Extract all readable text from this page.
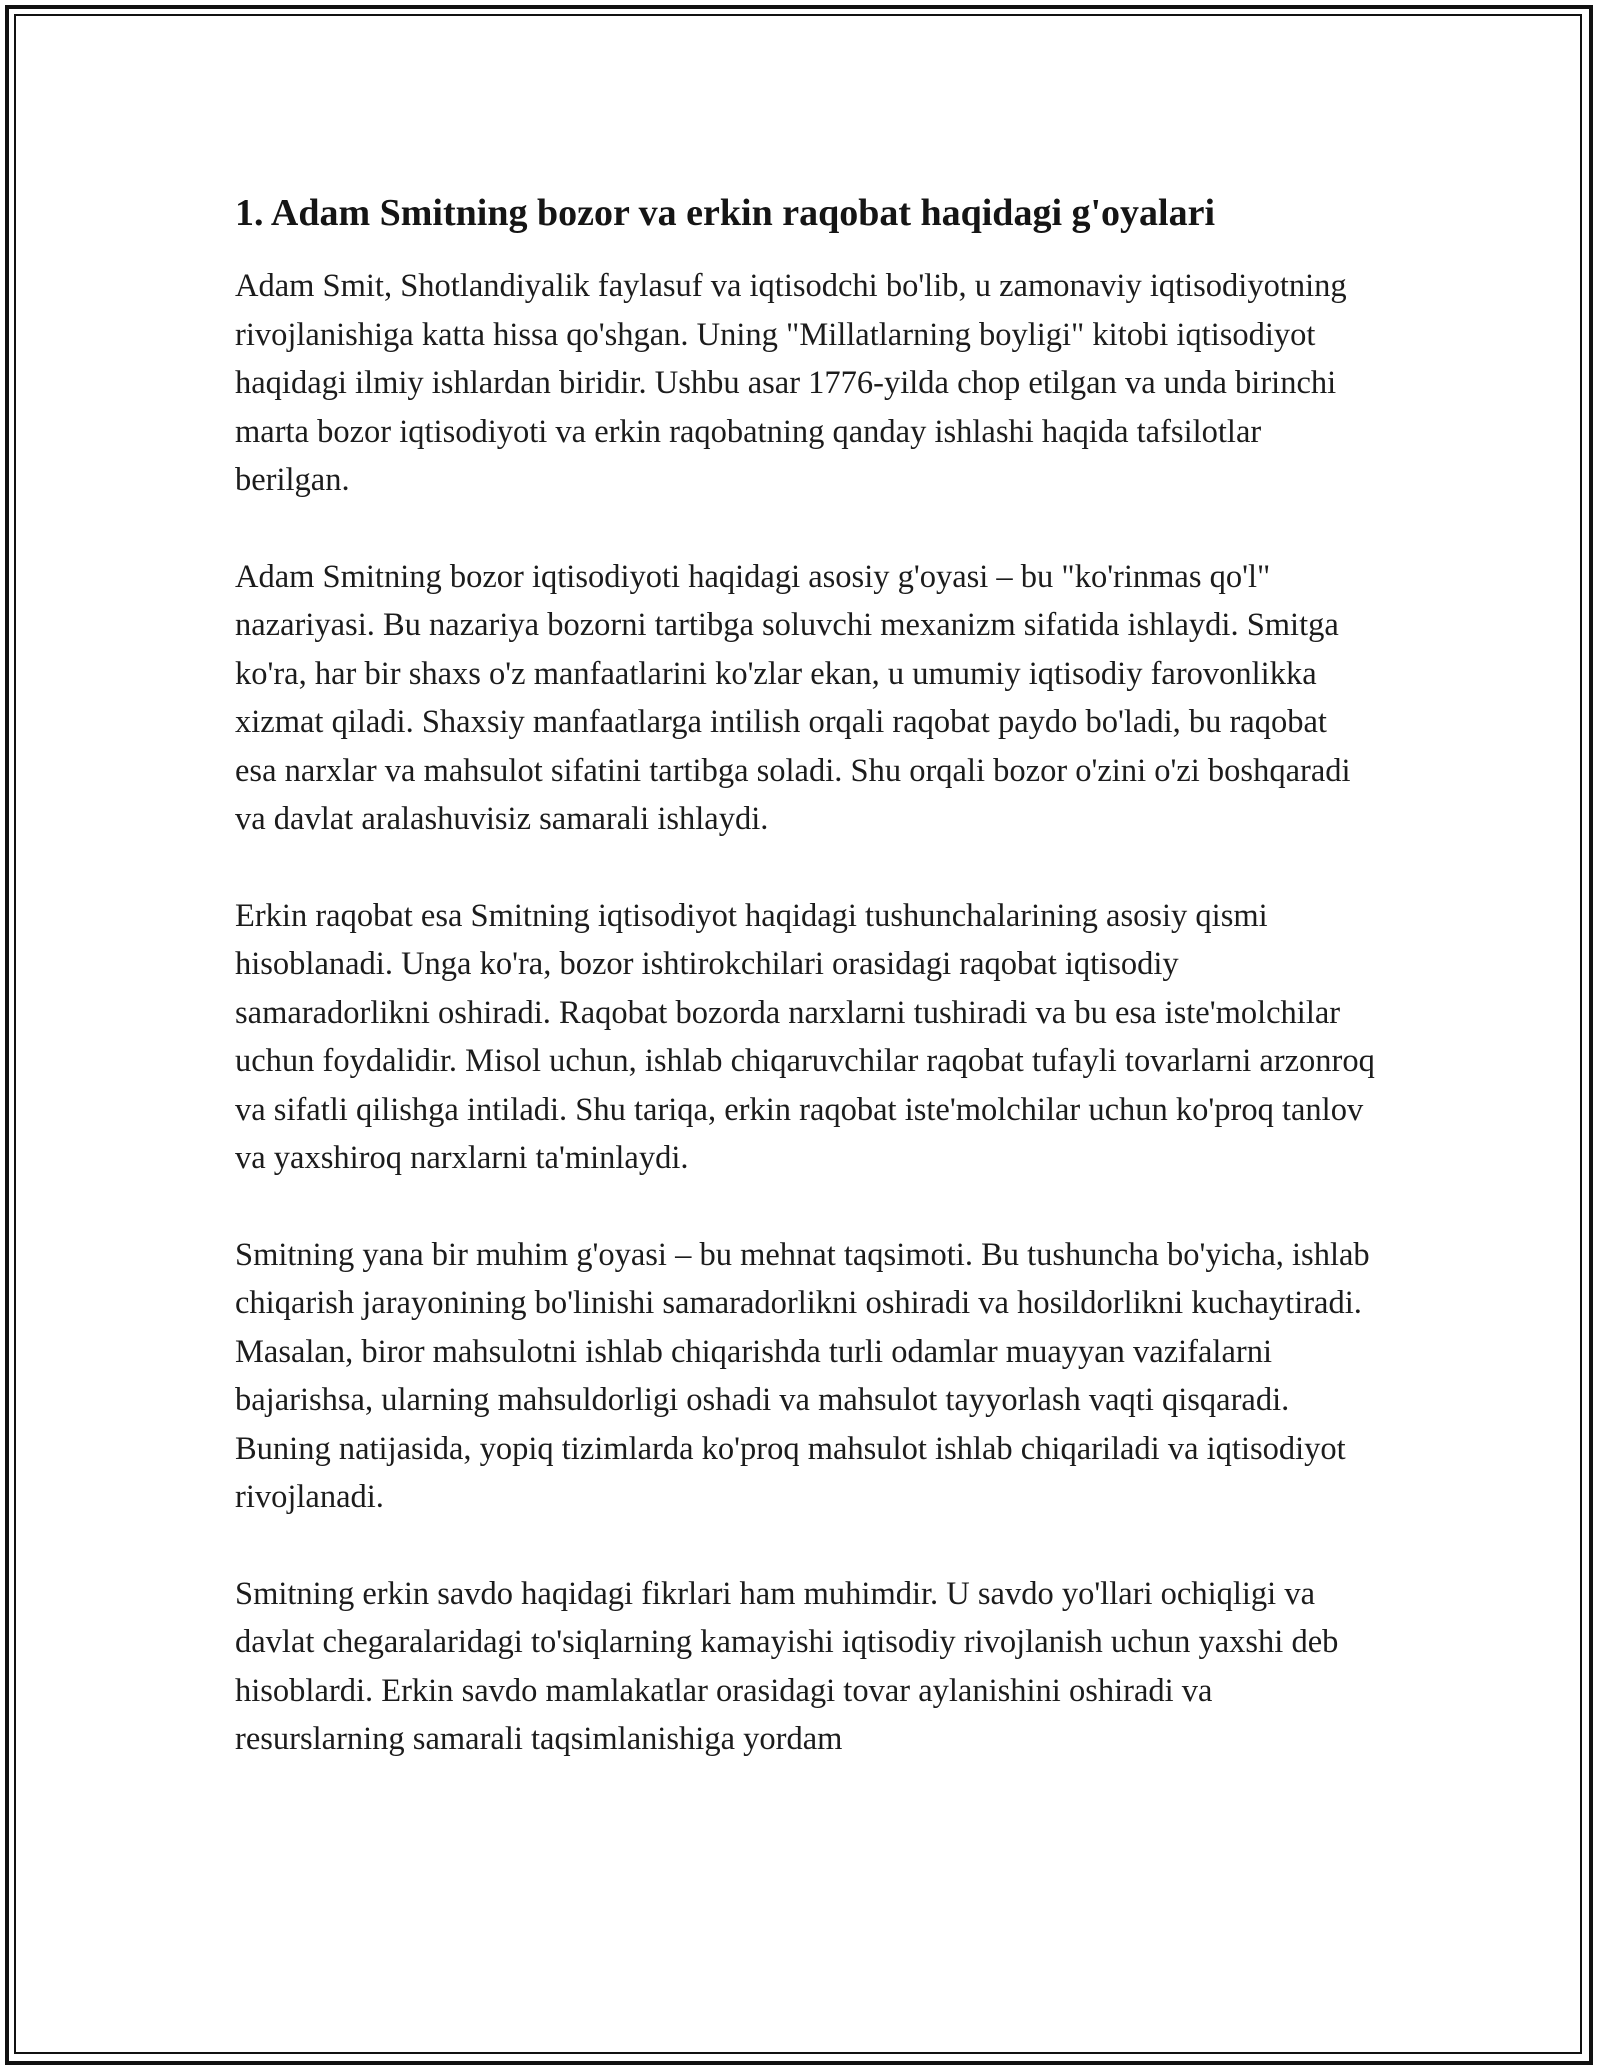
1. Adam Smitning bozor va erkin raqobat haqidagi g'oyalari

Adam Smit, Shotlandiyalik faylasuf va iqtisodchi bo'lib, u zamonaviy iqtisodiyotning rivojlanishiga katta hissa qo'shgan. Uning "Millatlarning boyligi" kitobi iqtisodiyot haqidagi ilmiy ishlardan biridir. Ushbu asar 1776-yilda chop etilgan va unda birinchi marta bozor iqtisodiyoti va erkin raqobatning qanday ishlashi haqida tafsilotlar berilgan.

Adam Smitning bozor iqtisodiyoti haqidagi asosiy g'oyasi – bu "ko'rinmas qo'l" nazariyasi. Bu nazariya bozorni tartibga soluvchi mexanizm sifatida ishlaydi. Smitga ko'ra, har bir shaxs o'z manfaatlarini ko'zlar ekan, u umumiy iqtisodiy farovonlikka xizmat qiladi. Shaxsiy manfaatlarga intilish orqali raqobat paydo bo'ladi, bu raqobat esa narxlar va mahsulot sifatini tartibga soladi. Shu orqali bozor o'zini o'zi boshqaradi va davlat aralashuvisiz samarali ishlaydi.

Erkin raqobat esa Smitning iqtisodiyot haqidagi tushunchalarining asosiy qismi hisoblanadi. Unga ko'ra, bozor ishtirokchilari orasidagi raqobat iqtisodiy samaradorlikni oshiradi. Raqobat bozorda narxlarni tushiradi va bu esa iste'molchilar uchun foydalidir. Misol uchun, ishlab chiqaruvchilar raqobat tufayli tovarlarni arzonroq va sifatli qilishga intiladi. Shu tariqa, erkin raqobat iste'molchilar uchun ko'proq tanlov va yaxshiroq narxlarni ta'minlaydi.

Smitning yana bir muhim g'oyasi – bu mehnat taqsimoti. Bu tushuncha bo'yicha, ishlab chiqarish jarayonining bo'linishi samaradorlikni oshiradi va hosildorlikni kuchaytiradi. Masalan, biror mahsulotni ishlab chiqarishda turli odamlar muayyan vazifalarni bajarishsa, ularning mahsuldorligi oshadi va mahsulot tayyorlash vaqti qisqaradi. Buning natijasida, yopiq tizimlarda ko'proq mahsulot ishlab chiqariladi va iqtisodiyot rivojlanadi.

Smitning erkin savdo haqidagi fikrlari ham muhimdir. U savdo yo'llari ochiqligi va davlat chegaralaridagi to'siqlarning kamayishi iqtisodiy rivojlanish uchun yaxshi deb hisoblardi. Erkin savdo mamlakatlar orasidagi tovar aylanishini oshiradi va resurslarning samarali taqsimlanishiga yordam
